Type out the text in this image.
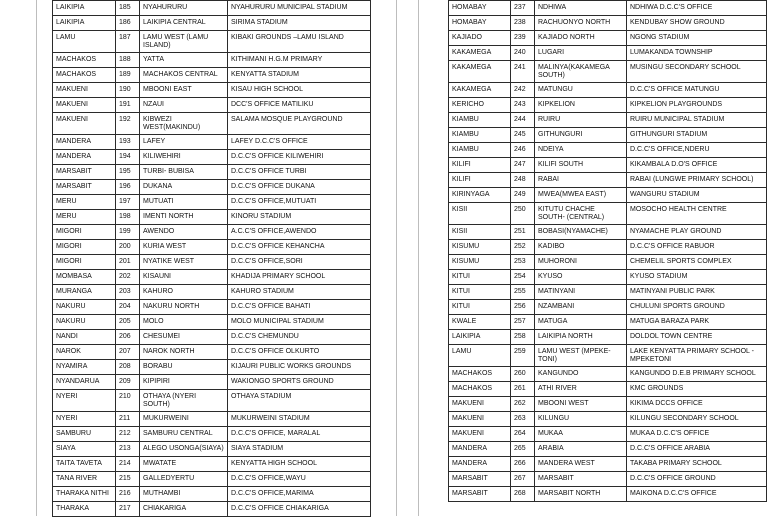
LAIKIPIA	185	NYAHURURU	NYAHURURU MUNICIPAL STADIUM
LAIKIPIA	186	LAIKIPIA CENTRAL	SIRIMA STADIUM
LAMU	187	LAMU WEST (LAMU ISLAND)	KIBAKI GROUNDS –LAMU ISLAND
MACHAKOS	188	YATTA	KITHIMANI H.G.M PRIMARY
MACHAKOS	189	MACHAKOS CENTRAL	KENYATTA STADIUM
MAKUENI	190	MBOONI EAST	KISAU HIGH SCHOOL
MAKUENI	191	NZAUI	DCC'S OFFICE MATILIKU
MAKUENI	192	KIBWEZI WEST(MAKINDU)	SALAMA MOSQUE PLAYGROUND
MANDERA	193	LAFEY	LAFEY D.C.C'S OFFICE
MANDERA	194	KILIWEHIRI	D.C.C'S OFFICE KILIWEHIRI
MARSABIT	195	TURBI- BUBISA	D.C.C'S OFFICE TURBI
MARSABIT	196	DUKANA	D.C.C'S OFFICE DUKANA
MERU	197	MUTUATI	D.C.C'S OFFICE,MUTUATI
MERU	198	IMENTI NORTH	KINORU STADIUM
MIGORI	199	AWENDO	A.C.C'S OFFICE,AWENDO
MIGORI	200	KURIA WEST	D.C.C'S OFFICE KEHANCHA
MIGORI	201	NYATIKE WEST	D.C.C'S OFFICE,SORI
MOMBASA	202	KISAUNI	KHADIJA PRIMARY SCHOOL
MURANGA	203	KAHURO	KAHURO STADIUM
NAKURU	204	NAKURU NORTH	D.C.C'S OFFICE BAHATI
NAKURU	205	MOLO	MOLO MUNICIPAL STADIUM
NANDI	206	CHESUMEI	D.C.C'S CHEMUNDU
NAROK	207	NAROK NORTH	D.C.C'S OFFICE OLKURTO
NYAMIRA	208	BORABU	KIJAURI PUBLIC WORKS GROUNDS
NYANDARUA	209	KIPIPIRI	WAKIONGO SPORTS GROUND
NYERI	210	OTHAYA (NYERI SOUTH)	OTHAYA STADIUM
NYERI	211	MUKURWEINI	MUKURWEINI STADIUM
SAMBURU	212	SAMBURU CENTRAL	D.C.C'S OFFICE, MARALAL
SIAYA	213	ALEGO USONGA(SIAYA)	SIAYA STADIUM
TAITA TAVETA	214	MWATATE	KENYATTA HIGH SCHOOL
TANA RIVER	215	GALLEDYERTU	D.C.C'S OFFICE,WAYU
THARAKA NITHI	216	MUTHAMBI	D.C.C'S OFFICE,MARIMA
THARAKA	217	CHIAKARIGA	D.C.C'S OFFICE CHIAKARIGA
HOMABAY	237	NDHIWA	NDHIWA D.C.C'S OFFICE
HOMABAY	238	RACHUONYO NORTH	KENDUBAY SHOW GROUND
KAJIADO	239	KAJIADO NORTH	NGONG STADIUM
KAKAMEGA	240	LUGARI	LUMAKANDA TOWNSHIP
KAKAMEGA	241	MALINYA(KAKAMEGA SOUTH)	MUSINGU SECONDARY SCHOOL
KAKAMEGA	242	MATUNGU	D.C.C'S OFFICE MATUNGU
KERICHO	243	KIPKELION	KIPKELION PLAYGROUNDS
KIAMBU	244	RUIRU	RUIRU MUNICIPAL STADIUM
KIAMBU	245	GITHUNGURI	GITHUNGURI STADIUM
KIAMBU	246	NDEIYA	D.C.C'S OFFICE,NDERU
KILIFI	247	KILIFI SOUTH	KIKAMBALA D.O'S OFFICE
KILIFI	248	RABAI	RABAI (LUNGWE PRIMARY SCHOOL)
KIRINYAGA	249	MWEA(MWEA EAST)	WANGURU STADIUM
KISII	250	KITUTU CHACHE SOUTH- (CENTRAL)	MOSOCHO HEALTH CENTRE
KISII	251	BOBASI(NYAMACHE)	NYAMACHE PLAY GROUND
KISUMU	252	KADIBO	D.C.C'S OFFICE RABUOR
KISUMU	253	MUHORONI	CHEMELIL SPORTS COMPLEX
KITUI	254	KYUSO	KYUSO STADIUM
KITUI	255	MATINYANI	MATINYANI PUBLIC PARK
KITUI	256	NZAMBANI	CHULUNI SPORTS GROUND
KWALE	257	MATUGA	MATUGA BARAZA PARK
LAIKIPIA	258	LAIKIPIA NORTH	DOLDOL TOWN CENTRE
LAMU	259	LAMU WEST (MPEKE- TONI)	LAKE KENYATTA PRIMARY SCHOOL - MPEKETONI
MACHAKOS	260	KANGUNDO	KANGUNDO D.E.B PRIMARY SCHOOL
MACHAKOS	261	ATHI RIVER	KMC GROUNDS
MAKUENI	262	MBOONI WEST	KIKIMA DCCS OFFICE
MAKUENI	263	KILUNGU	KILUNGU SECONDARY SCHOOL
MAKUENI	264	MUKAA	MUKAA D.C.C'S OFFICE
MANDERA	265	ARABIA	D.C.C'S OFFICE ARABIA
MANDERA	266	MANDERA WEST	TAKABA PRIMARY SCHOOL
MARSABIT	267	MARSABIT	D.C.C'S OFFICE GROUND
MARSABIT	268	MARSABIT NORTH	MAIKONA D.C.C'S OFFICE
